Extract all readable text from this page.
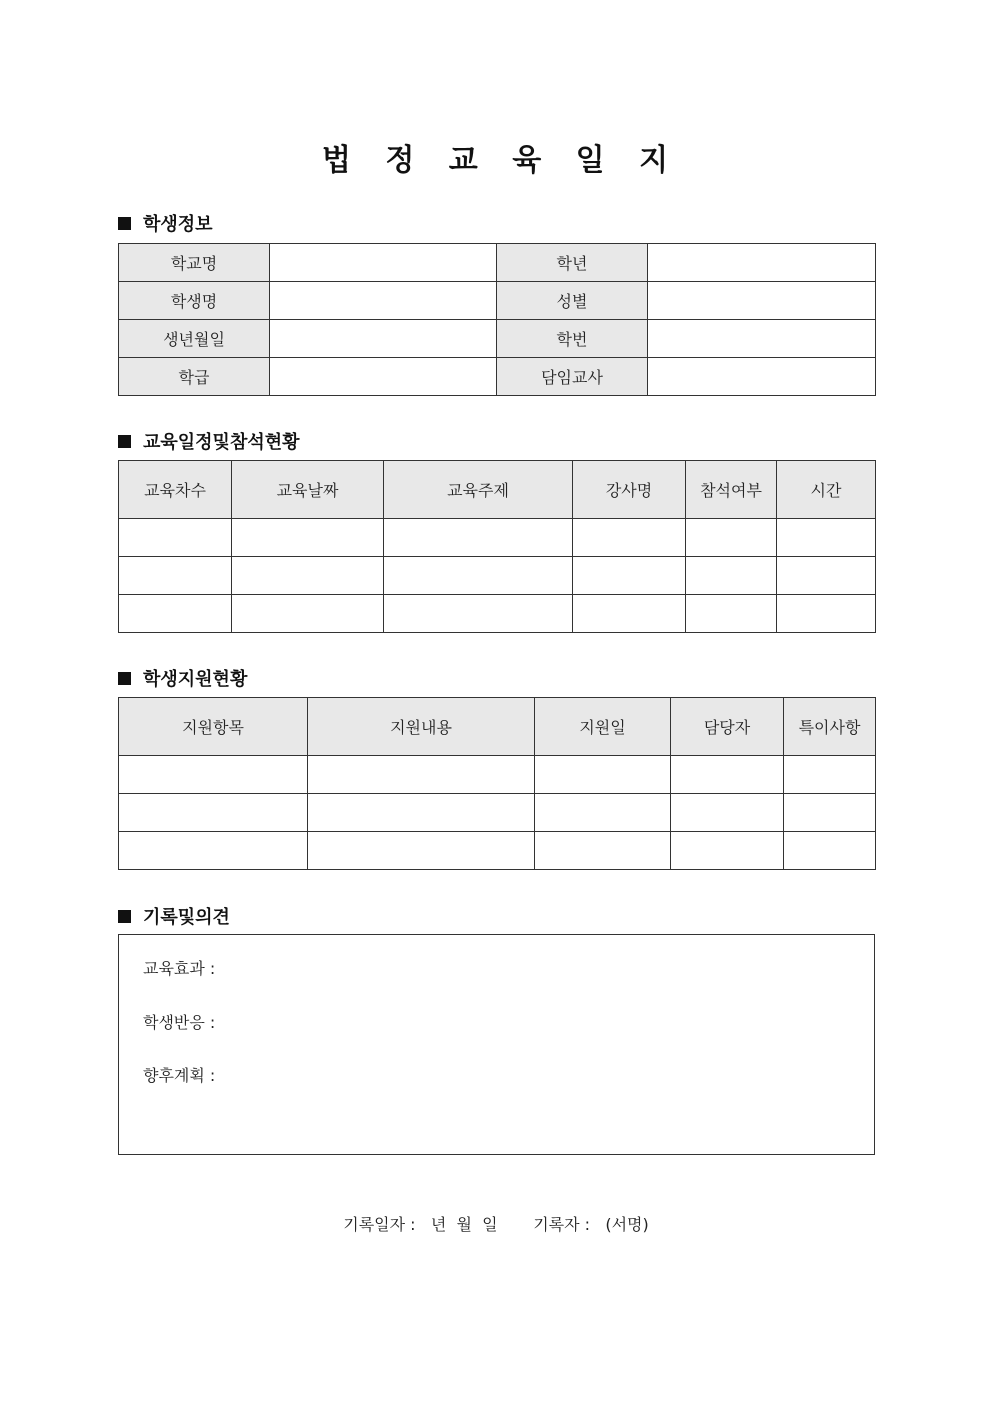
법 정 교 육 일 지
학생정보
학교명		학년	
학생명		성별	
생년월일		학번	
학급		담임교사	
교육일정및참석현황
교육차수	교육날짜	교육주제	강사명	참석여부	시간

학생지원현황
지원항목	지원내용	지원일	담당자	특이사항

기록및의견
교육효과 :
학생반응 :
향후계획 :
기록일자 : 년 월 일 기록자 : (서명)
